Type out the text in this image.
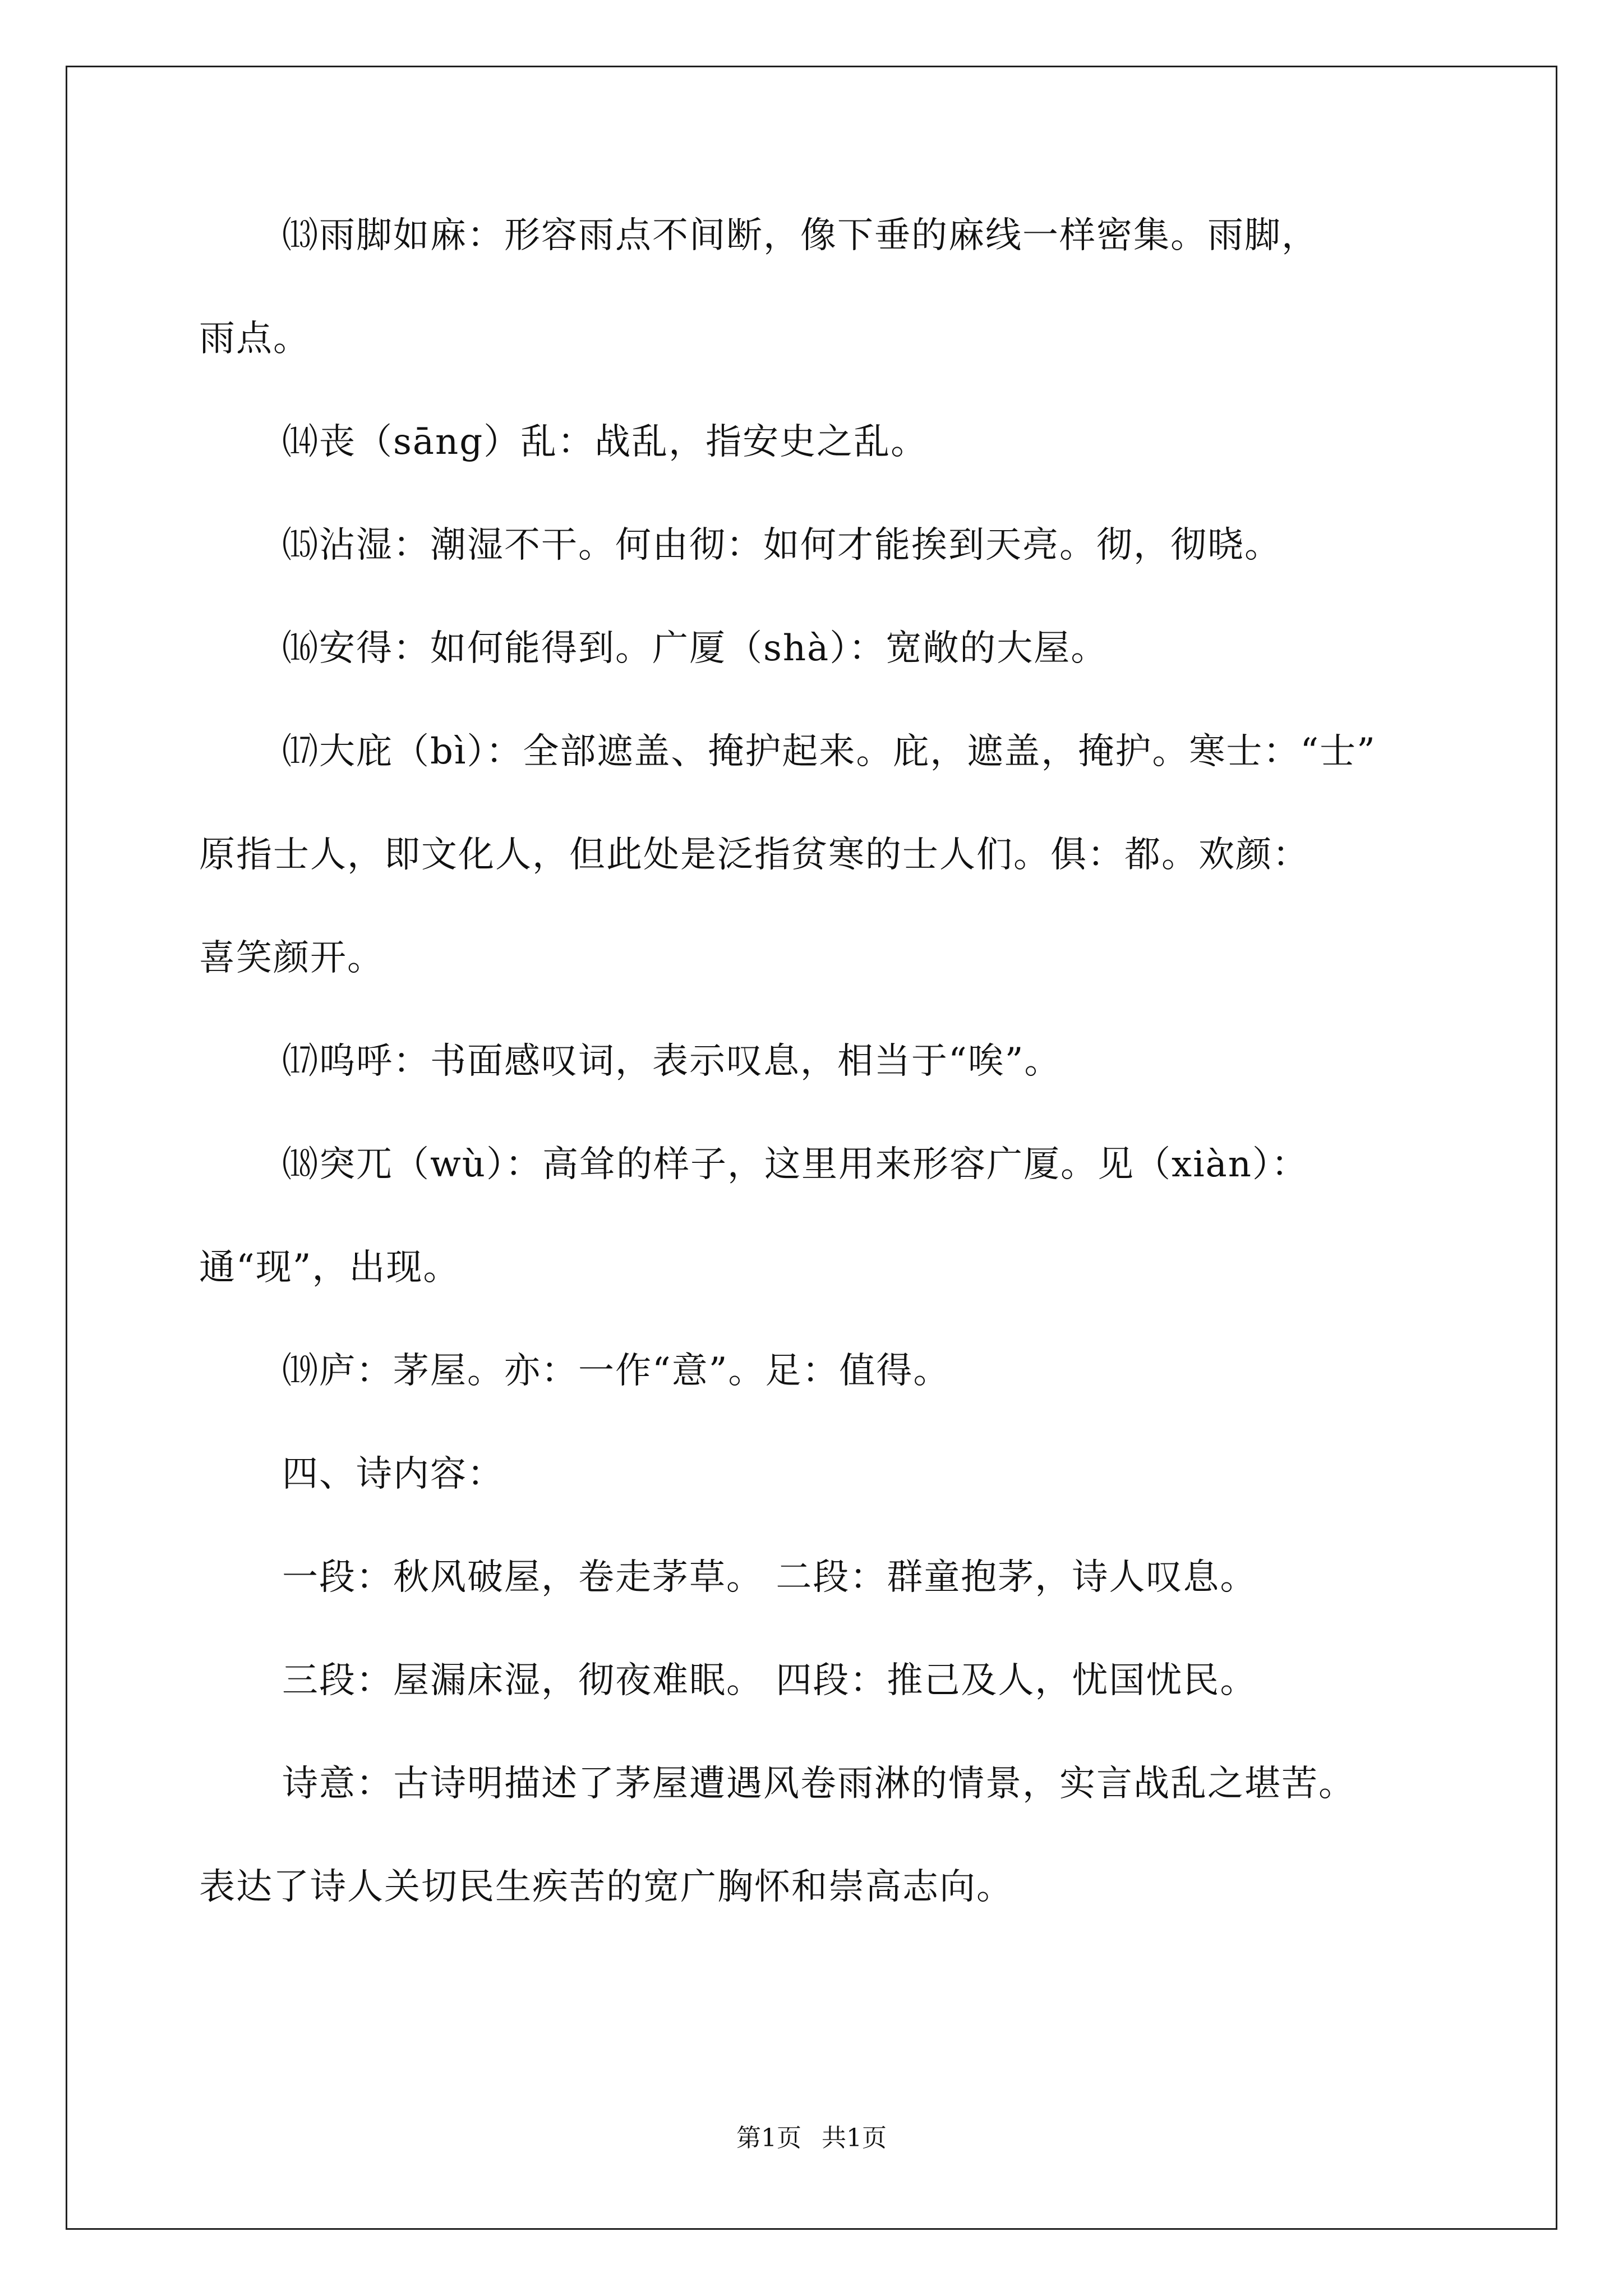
⒀雨脚如麻：形容雨点不间断，像下垂的麻线一样密集。雨脚，
雨点。
⒁丧（sāng）乱：战乱，指安史之乱。
⒂沾湿：潮湿不干。何由彻：如何才能挨到天亮。彻，彻晓。
⒃安得：如何能得到。广厦（shà）：宽敞的大屋。
⒄大庇（bì）：全部遮盖、掩护起来。庇，遮盖，掩护。寒士：“士”
原指士人，即文化人，但此处是泛指贫寒的士人们。俱：都。欢颜：
喜笑颜开。
⒄呜呼：书面感叹词，表示叹息，相当于“唉”。
⒅突兀（wù）：高耸的样子，这里用来形容广厦。见（xiàn）：
通“现”，出现。
⒆庐：茅屋。亦：一作“意”。足：值得。
四、诗内容：
一段：秋风破屋，卷走茅草。 二段：群童抱茅，诗人叹息。
三段：屋漏床湿，彻夜难眠。 四段：推己及人，忧国忧民。
诗意：古诗明描述了茅屋遭遇风卷雨淋的情景，实言战乱之堪苦。
表达了诗人关切民生疾苦的宽广胸怀和崇高志向。
第1页 共1页
